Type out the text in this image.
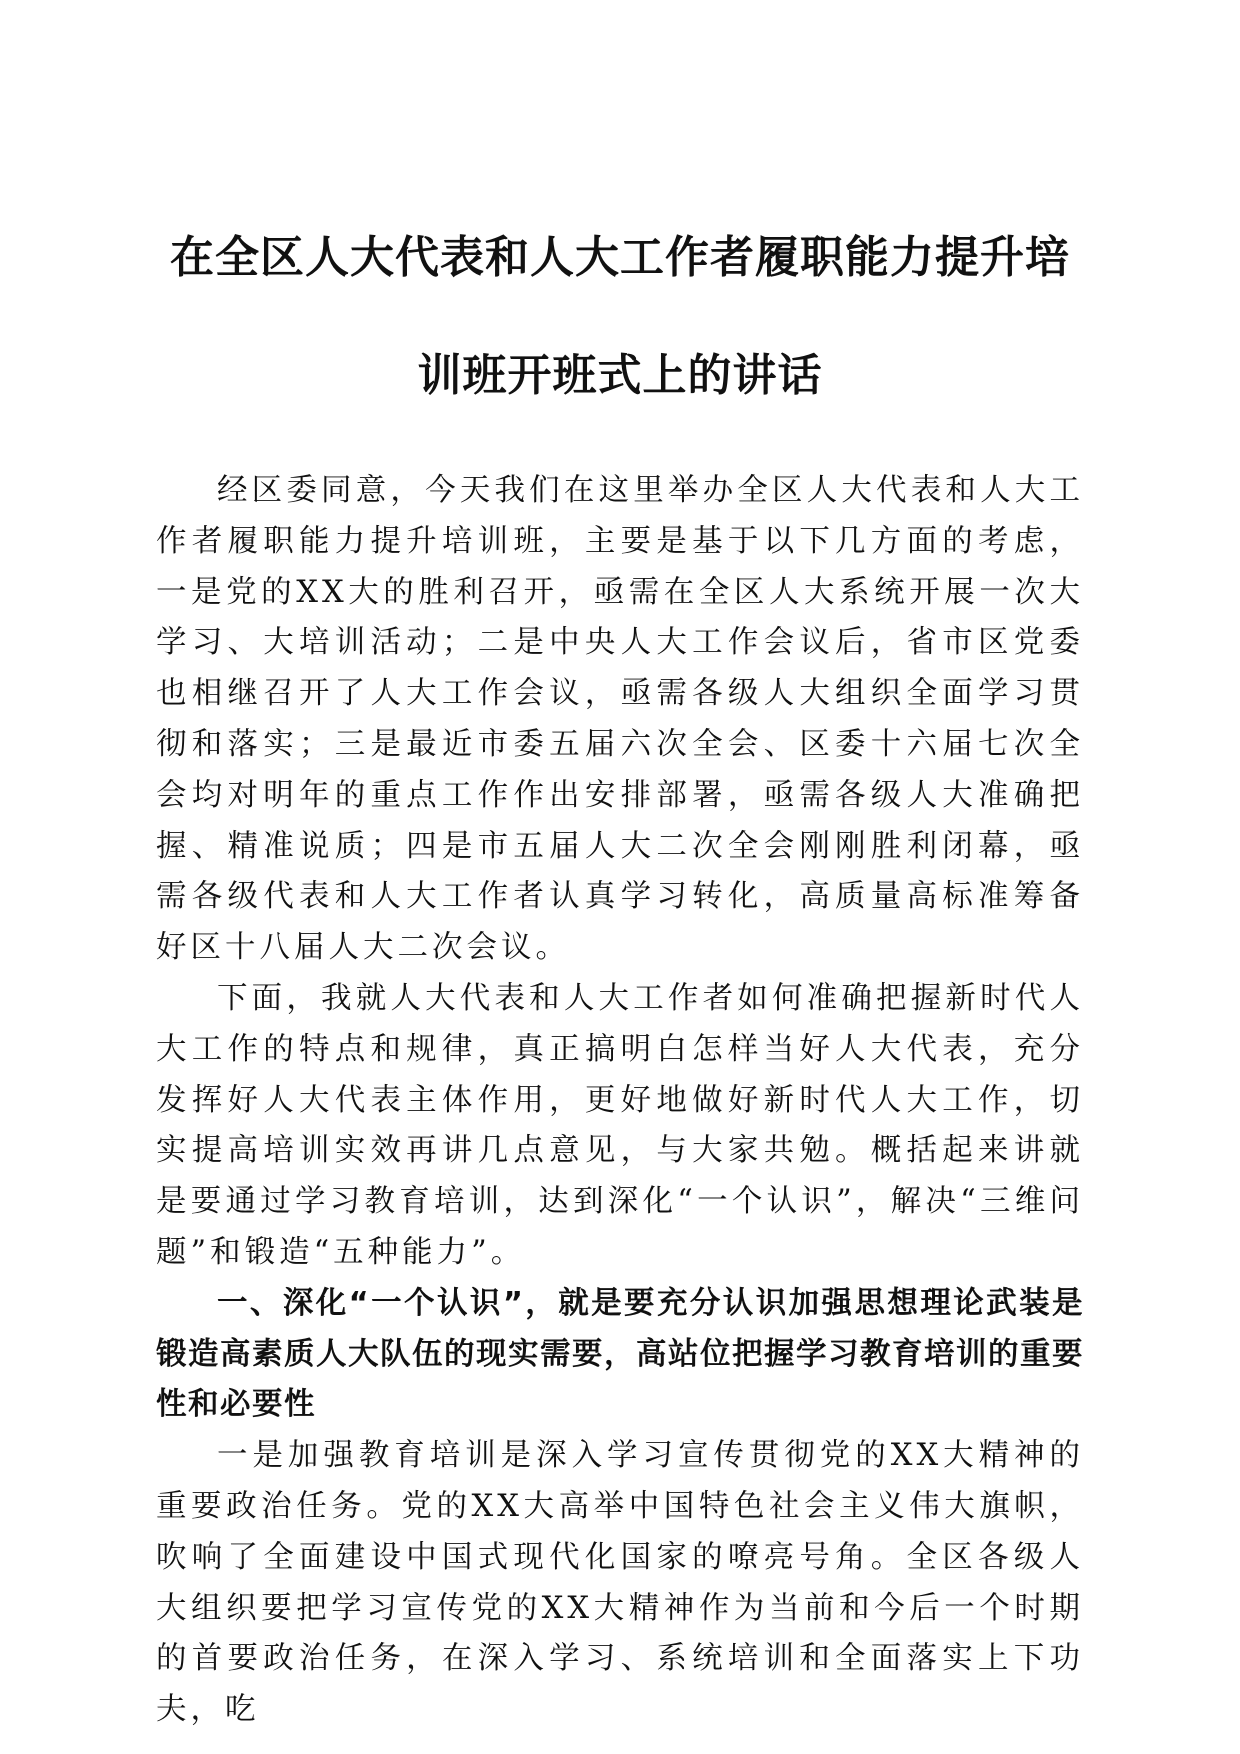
在全区人大代表和人大工作者履职能力提升培
训班开班式上的讲话

经区委同意，今天我们在这里举办全区人大代表和人大工作者履职能力提升培训班，主要是基于以下几方面的考虑，一是党的XX大的胜利召开，亟需在全区人大系统开展一次大学习、大培训活动；二是中央人大工作会议后，省市区党委也相继召开了人大工作会议，亟需各级人大组织全面学习贯彻和落实；三是最近市委五届六次全会、区委十六届七次全会均对明年的重点工作作出安排部署，亟需各级人大准确把握、精准说质；四是市五届人大二次全会刚刚胜利闭幕，亟需各级代表和人大工作者认真学习转化，高质量高标准筹备好区十八届人大二次会议。

下面，我就人大代表和人大工作者如何准确把握新时代人大工作的特点和规律，真正搞明白怎样当好人大代表，充分发挥好人大代表主体作用，更好地做好新时代人大工作，切实提高培训实效再讲几点意见，与大家共勉。概括起来讲就是要通过学习教育培训，达到深化“一个认识”，解决“三维问题”和锻造“五种能力”。

一、深化“一个认识”，就是要充分认识加强思想理论武装是锻造高素质人大队伍的现实需要，高站位把握学习教育培训的重要性和必要性

一是加强教育培训是深入学习宣传贯彻党的XX大精神的重要政治任务。党的XX大高举中国特色社会主义伟大旗帜，吹响了全面建设中国式现代化国家的嘹亮号角。全区各级人大组织要把学习宣传党的XX大精神作为当前和今后一个时期的首要政治任务，在深入学习、系统培训和全面落实上下功夫，吃
